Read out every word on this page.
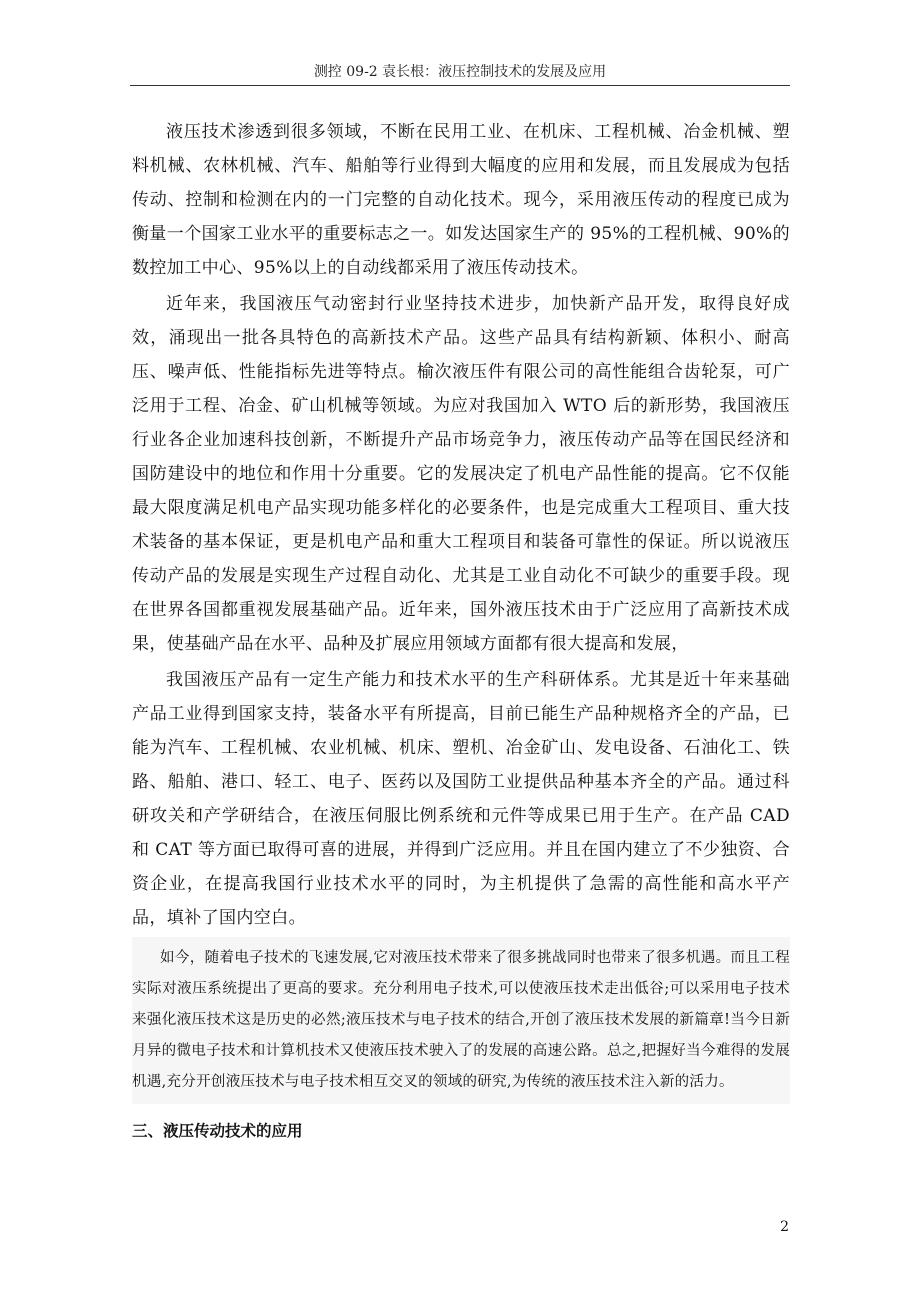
测控 09-2 袁长根：液压控制技术的发展及应用

液压技术渗透到很多领域，不断在民用工业、在机床、工程机械、冶金机械、塑料机械、农林机械、汽车、船舶等行业得到大幅度的应用和发展，而且发展成为包括传动、控制和检测在内的一门完整的自动化技术。现今，采用液压传动的程度已成为衡量一个国家工业水平的重要标志之一。如发达国家生产的 95%的工程机械、90%的数控加工中心、95%以上的自动线都采用了液压传动技术。

近年来，我国液压气动密封行业坚持技术进步，加快新产品开发，取得良好成效，涌现出一批各具特色的高新技术产品。这些产品具有结构新颖、体积小、耐高压、噪声低、性能指标先进等特点。榆次液压件有限公司的高性能组合齿轮泵，可广泛用于工程、冶金、矿山机械等领域。为应对我国加入 WTO 后的新形势，我国液压行业各企业加速科技创新，不断提升产品市场竞争力，液压传动产品等在国民经济和国防建设中的地位和作用十分重要。它的发展决定了机电产品性能的提高。它不仅能最大限度满足机电产品实现功能多样化的必要条件，也是完成重大工程项目、重大技术装备的基本保证，更是机电产品和重大工程项目和装备可靠性的保证。所以说液压传动产品的发展是实现生产过程自动化、尤其是工业自动化不可缺少的重要手段。现在世界各国都重视发展基础产品。近年来，国外液压技术由于广泛应用了高新技术成果，使基础产品在水平、品种及扩展应用领域方面都有很大提高和发展，

我国液压产品有一定生产能力和技术水平的生产科研体系。尤其是近十年来基础产品工业得到国家支持，装备水平有所提高，目前已能生产品种规格齐全的产品，已能为汽车、工程机械、农业机械、机床、塑机、冶金矿山、发电设备、石油化工、铁路、船舶、港口、轻工、电子、医药以及国防工业提供品种基本齐全的产品。通过科研攻关和产学研结合，在液压伺服比例系统和元件等成果已用于生产。在产品 CAD 和 CAT 等方面已取得可喜的进展，并得到广泛应用。并且在国内建立了不少独资、合资企业，在提高我国行业技术水平的同时，为主机提供了急需的高性能和高水平产品，填补了国内空白。

如今，随着电子技术的飞速发展,它对液压技术带来了很多挑战同时也带来了很多机遇。而且工程实际对液压系统提出了更高的要求。充分利用电子技术,可以使液压技术走出低谷;可以采用电子技术来强化液压技术这是历史的必然;液压技术与电子技术的结合,开创了液压技术发展的新篇章!当今日新月异的微电子技术和计算机技术又使液压技术驶入了的发展的高速公路。总之,把握好当今难得的发展机遇,充分开创液压技术与电子技术相互交叉的领域的研究,为传统的液压技术注入新的活力。

三、液压传动技术的应用
2
